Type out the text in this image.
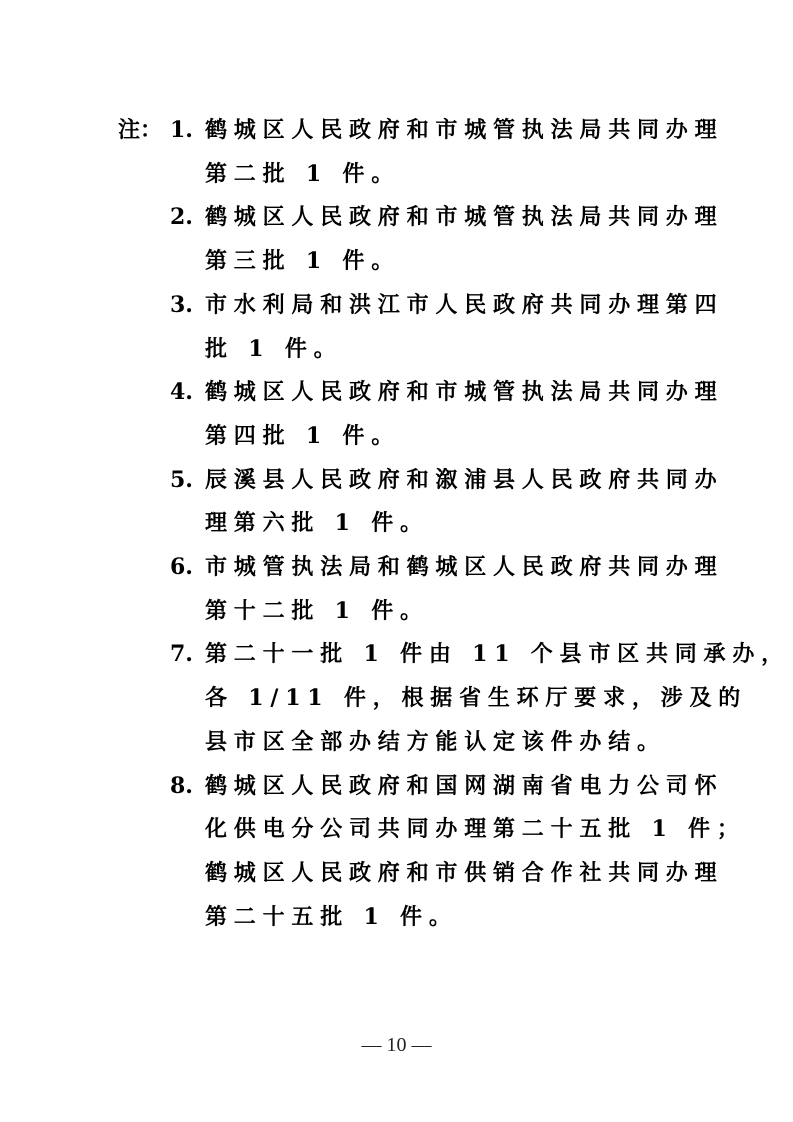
注： 1. 鹤城区人民政府和市城管执法局共同办理
第二批 1 件。
2. 鹤城区人民政府和市城管执法局共同办理
第三批 1 件。
3. 市水利局和洪江市人民政府共同办理第四
批 1 件。
4. 鹤城区人民政府和市城管执法局共同办理
第四批 1 件。
5. 辰溪县人民政府和溆浦县人民政府共同办
理第六批 1 件。
6. 市城管执法局和鹤城区人民政府共同办理
第十二批 1 件。
7. 第二十一批 1 件由 11 个县市区共同承办，
各 1/11 件，根据省生环厅要求，涉及的
县市区全部办结方能认定该件办结。
8. 鹤城区人民政府和国网湖南省电力公司怀
化供电分公司共同办理第二十五批 1 件；
鹤城区人民政府和市供销合作社共同办理
第二十五批 1 件。
— 10 —
